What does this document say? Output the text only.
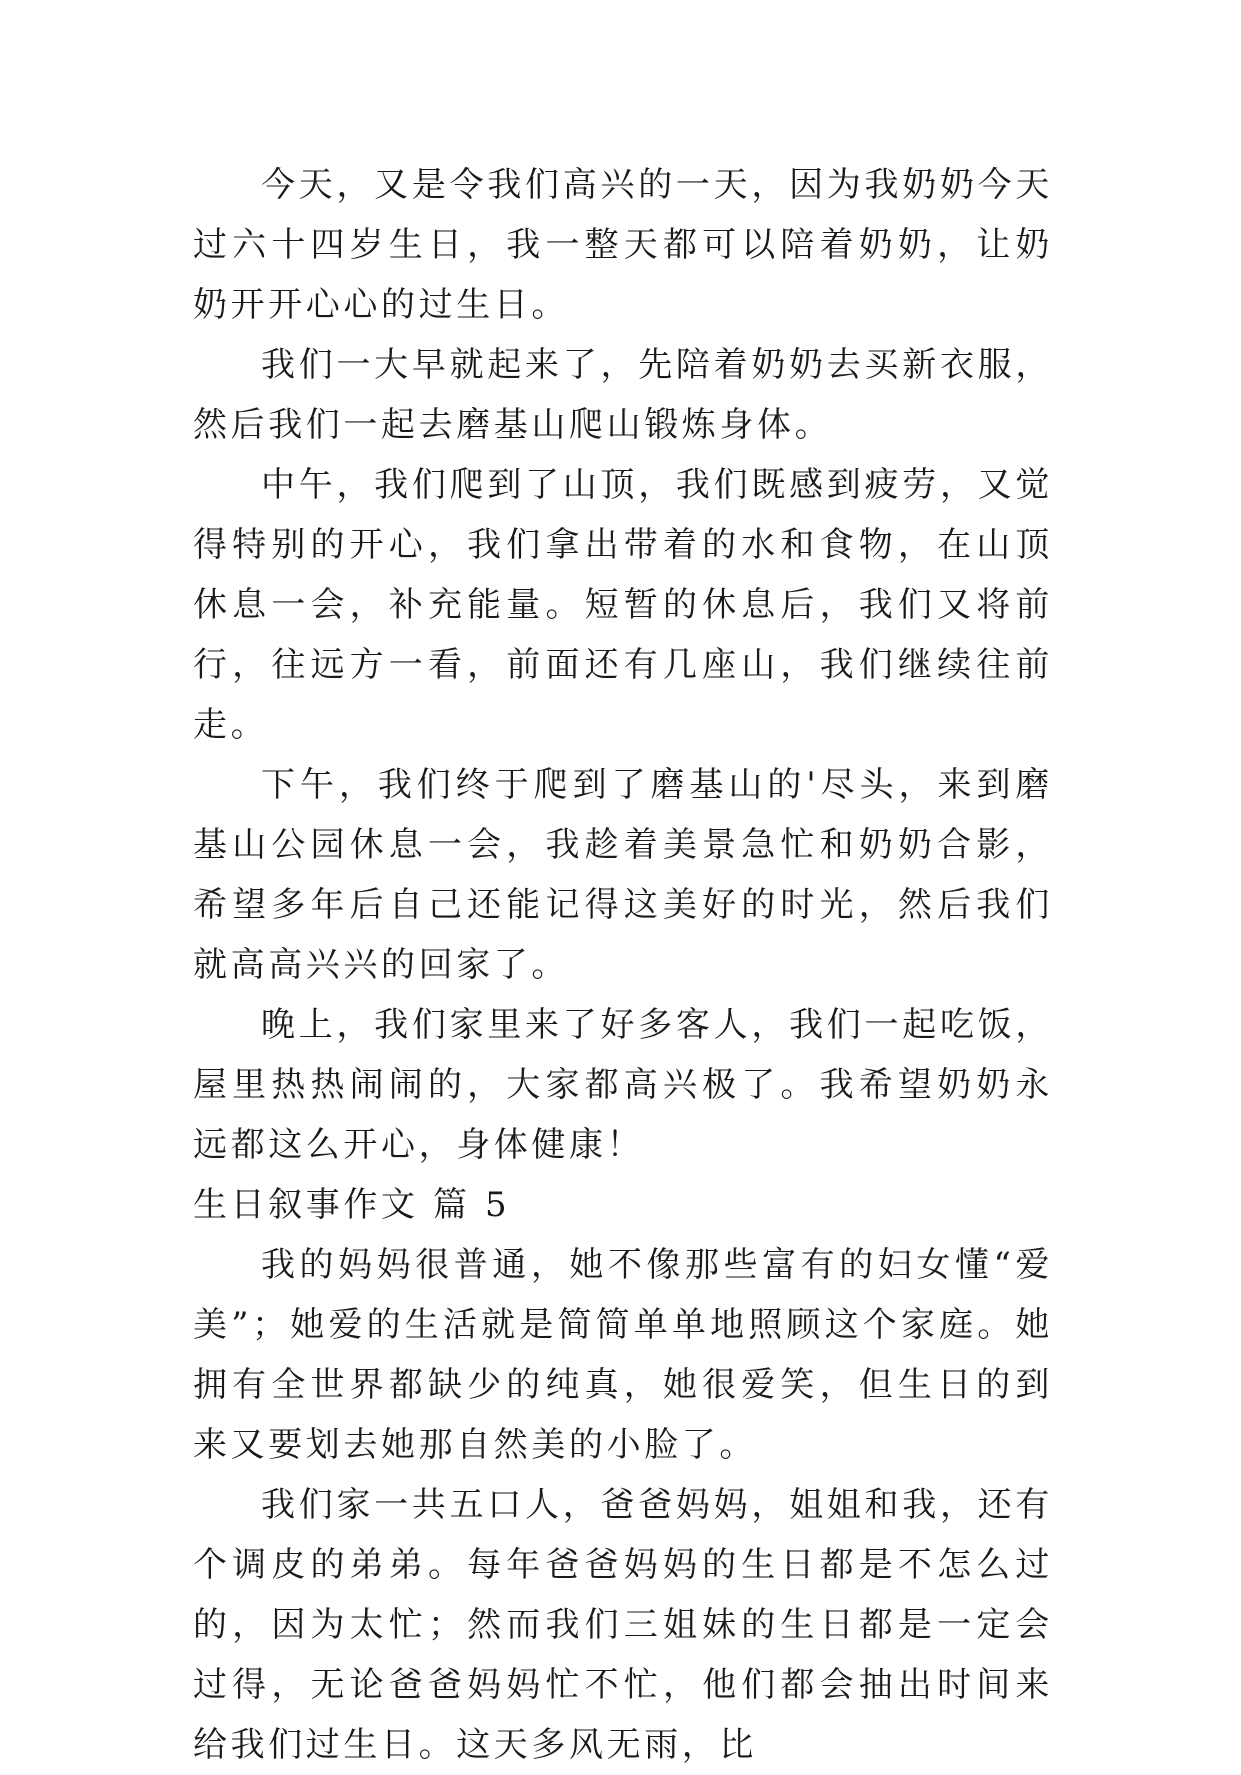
今天，又是令我们高兴的一天，因为我奶奶今天过六十四岁生日，我一整天都可以陪着奶奶，让奶奶开开心心的过生日。

我们一大早就起来了，先陪着奶奶去买新衣服，然后我们一起去磨基山爬山锻炼身体。

中午，我们爬到了山顶，我们既感到疲劳，又觉得特别的开心，我们拿出带着的水和食物，在山顶休息一会，补充能量。短暂的休息后，我们又将前行，往远方一看，前面还有几座山，我们继续往前走。

下午，我们终于爬到了磨基山的'尽头，来到磨基山公园休息一会，我趁着美景急忙和奶奶合影，希望多年后自己还能记得这美好的时光，然后我们就高高兴兴的回家了。

晚上，我们家里来了好多客人，我们一起吃饭，屋里热热闹闹的，大家都高兴极了。我希望奶奶永远都这么开心，身体健康！

生日叙事作文 篇 5

我的妈妈很普通，她不像那些富有的妇女懂“爱美”；她爱的生活就是简简单单地照顾这个家庭。她拥有全世界都缺少的纯真，她很爱笑，但生日的到来又要划去她那自然美的小脸了。

我们家一共五口人，爸爸妈妈，姐姐和我，还有个调皮的弟弟。每年爸爸妈妈的生日都是不怎么过的，因为太忙；然而我们三姐妹的生日都是一定会过得，无论爸爸妈妈忙不忙，他们都会抽出时间来给我们过生日。这天多风无雨，比
